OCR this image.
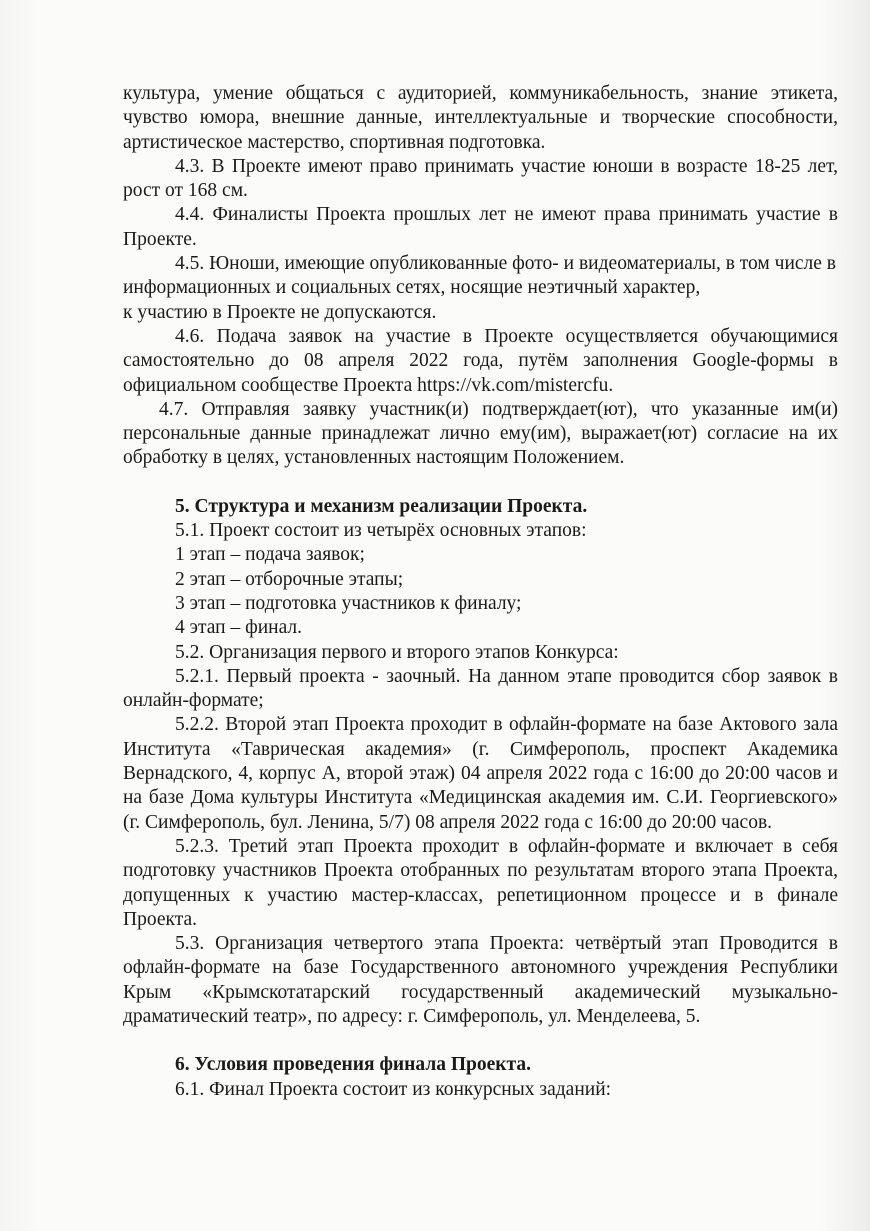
культура, умение общаться с аудиторией, коммуникабельность, знание этикета, чувство юмора, внешние данные, интеллектуальные и творческие способности, артистическое мастерство, спортивная подготовка.

4.3. В Проекте имеют право принимать участие юноши в возрасте 18-25 лет, рост от 168 см.

4.4. Финалисты Проекта прошлых лет не имеют права принимать участие в Проекте.

4.5. Юноши, имеющие опубликованные фото- и видеоматериалы, в том числе в информационных и социальных сетях, носящие неэтичный характер,

к участию в Проекте не допускаются.

4.6. Подача заявок на участие в Проекте осуществляется обучающимися самостоятельно до 08 апреля 2022 года, путём заполнения Google-формы в официальном сообществе Проекта https://vk.com/mistercfu.

4.7. Отправляя заявку участник(и) подтверждает(ют), что указанные им(и) персональные данные принадлежат лично ему(им), выражает(ют) согласие на их обработку в целях, установленных настоящим Положением.

5. Структура и механизм реализации Проекта.

5.1. Проект состоит из четырёх основных этапов:

1 этап – подача заявок;

2 этап – отборочные этапы;

3 этап – подготовка участников к финалу;

4 этап – финал.

5.2. Организация первого и второго этапов Конкурса:

5.2.1. Первый проекта - заочный. На данном этапе проводится сбор заявок в онлайн-формате;

5.2.2. Второй этап Проекта проходит в офлайн-формате на базе Актового зала Института «Таврическая академия» (г. Симферополь, проспект Академика Вернадского, 4, корпус А, второй этаж) 04 апреля 2022 года с 16:00 до 20:00 часов и на базе Дома культуры Института «Медицинская академия им. С.И. Георгиевского» (г. Симферополь, бул. Ленина, 5/7) 08 апреля 2022 года с 16:00 до 20:00 часов.

5.2.3. Третий этап Проекта проходит в офлайн-формате и включает в себя подготовку участников Проекта отобранных по результатам второго этапа Проекта, допущенных к участию мастер-классах, репетиционном процессе и в финале Проекта.

5.3. Организация четвертого этапа Проекта: четвёртый этап Проводится в офлайн-формате на базе Государственного автономного учреждения Республики Крым «Крымскотатарский государственный академический музыкально-драматический театр», по адресу: г. Симферополь, ул. Менделеева, 5.

6. Условия проведения финала Проекта.

6.1. Финал Проекта состоит из конкурсных заданий:
